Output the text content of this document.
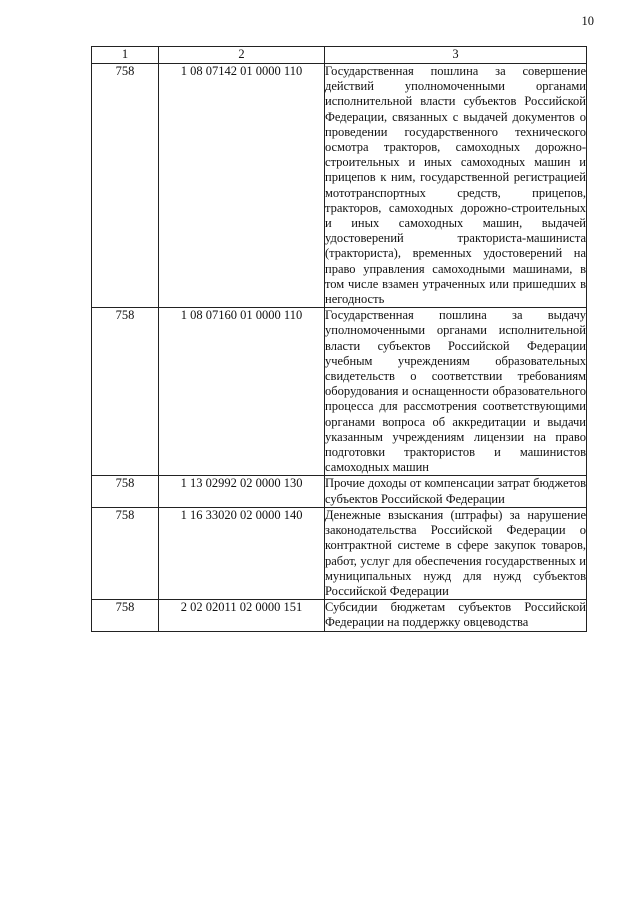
10
1	2	3
758	1 08 07142 01 0000 110	Государственная пошлина за совершение действий уполномоченными органами исполнительной власти субъектов Российской Федерации, связанных с выдачей документов о проведении государственного технического осмотра тракторов, самоходных дорожно-строительных и иных самоходных машин и прицепов к ним, государственной регистрацией мототранспортных средств, прицепов, тракторов, самоходных дорожно-строительных и иных самоходных машин, выдачей удостоверений тракториста-машиниста (тракториста), временных удостоверений на право управления самоходными машинами, в том числе взамен утраченных или пришедших в негодность
758	1 08 07160 01 0000 110	Государственная пошлина за выдачу уполномоченными органами исполнительной власти субъектов Российской Федерации учебным учреждениям образовательных свидетельств о соответствии требованиям оборудования и оснащенности образовательного процесса для рассмотрения соответствующими органами вопроса об аккредитации и выдачи указанным учреждениям лицензии на право подготовки трактористов и машинистов самоходных машин
758	1 13 02992 02 0000 130	Прочие доходы от компенсации затрат бюджетов субъектов Российской Федерации
758	1 16 33020 02 0000 140	Денежные взыскания (штрафы) за нарушение законодательства Российской Федерации о контрактной системе в сфере закупок товаров, работ, услуг для обеспечения государственных и муниципальных нужд для нужд субъектов Российской Федерации
758	2 02 02011 02 0000 151	Субсидии бюджетам субъектов Российской Федерации на поддержку овцеводства
